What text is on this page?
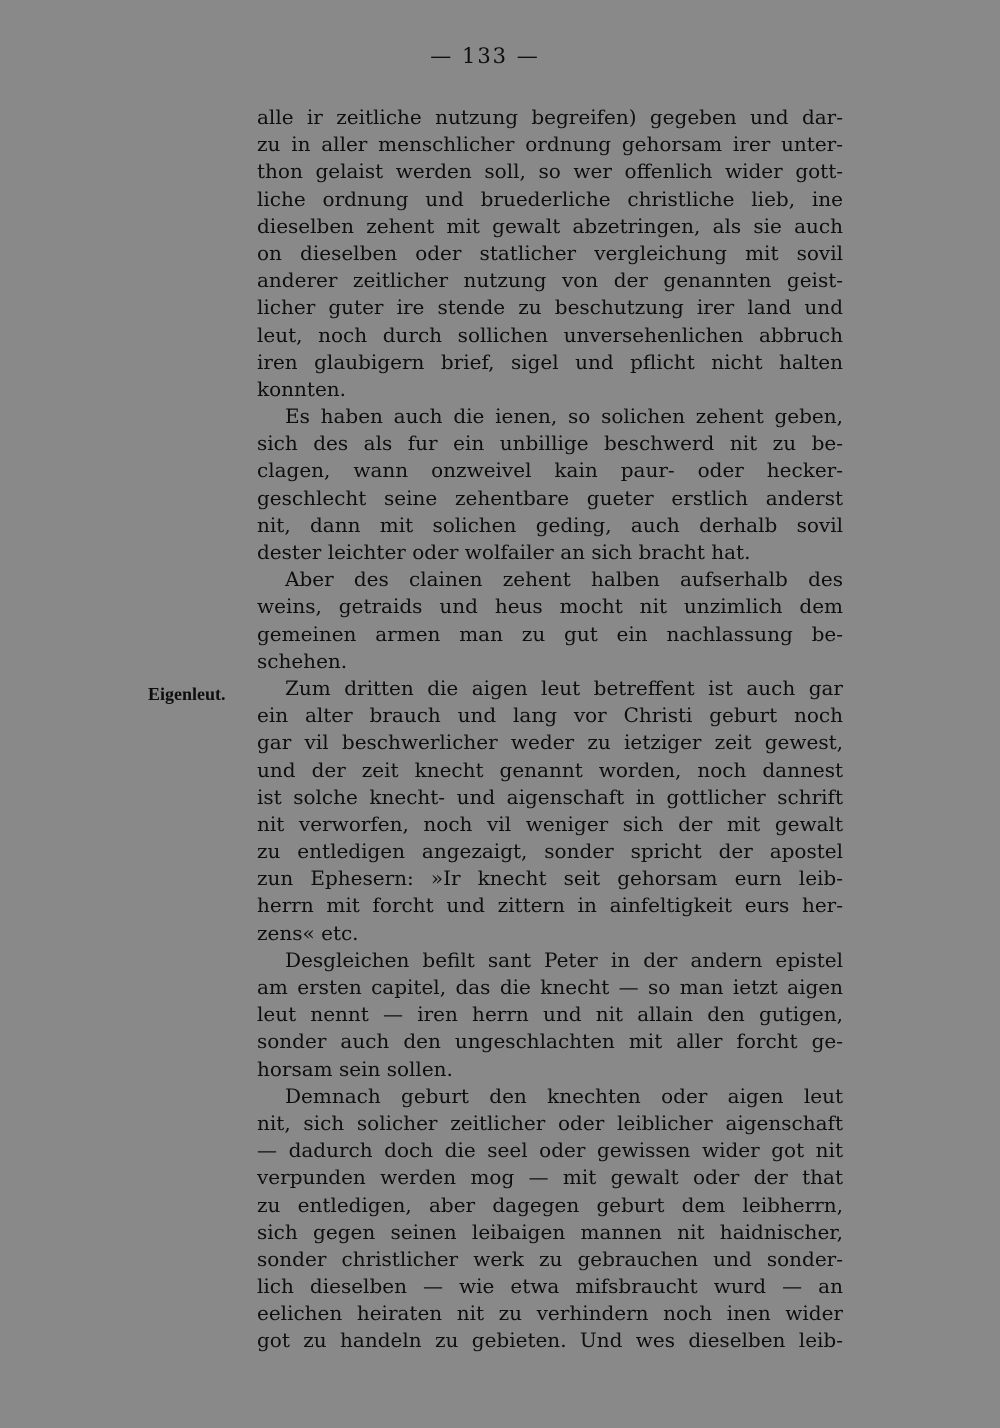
— 133 —
Eigenleut.
alle ir zeitliche nutzung begreifen) gegeben und dar-
zu in aller menschlicher ordnung gehorsam irer unter-
thon gelaist werden soll, so wer offenlich wider gott-
liche ordnung und bruederliche christliche lieb, ine
dieselben zehent mit gewalt abzetringen, als sie auch
on dieselben oder statlicher vergleichung mit sovil
anderer zeitlicher nutzung von der genannten geist-
licher guter ire stende zu beschutzung irer land und
leut, noch durch sollichen unversehenlichen abbruch
iren glaubigern brief, sigel und pflicht nicht halten
konnten.
Es haben auch die ienen, so solichen zehent geben,
sich des als fur ein unbillige beschwerd nit zu be-
clagen, wann onzweivel kain paur- oder hecker-
geschlecht seine zehentbare gueter erstlich anderst
nit, dann mit solichen geding, auch derhalb sovil
dester leichter oder wolfailer an sich bracht hat.
Aber des clainen zehent halben aufserhalb des
weins, getraids und heus mocht nit unzimlich dem
gemeinen armen man zu gut ein nachlassung be-
schehen.
Zum dritten die aigen leut betreffent ist auch gar
ein alter brauch und lang vor Christi geburt noch
gar vil beschwerlicher weder zu ietziger zeit gewest,
und der zeit knecht genannt worden, noch dannest
ist solche knecht- und aigenschaft in gottlicher schrift
nit verworfen, noch vil weniger sich der mit gewalt
zu entledigen angezaigt, sonder spricht der apostel
zun Ephesern: »Ir knecht seit gehorsam eurn leib-
herrn mit forcht und zittern in ainfeltigkeit eurs her-
zens« etc.
Desgleichen befilt sant Peter in der andern epistel
am ersten capitel, das die knecht — so man ietzt aigen
leut nennt — iren herrn und nit allain den gutigen,
sonder auch den ungeschlachten mit aller forcht ge-
horsam sein sollen.
Demnach geburt den knechten oder aigen leut
nit, sich solicher zeitlicher oder leiblicher aigenschaft
— dadurch doch die seel oder gewissen wider got nit
verpunden werden mog — mit gewalt oder der that
zu entledigen, aber dagegen geburt dem leibherrn,
sich gegen seinen leibaigen mannen nit haidnischer,
sonder christlicher werk zu gebrauchen und sonder-
lich dieselben — wie etwa mifsbraucht wurd — an
eelichen heiraten nit zu verhindern noch inen wider
got zu handeln zu gebieten. Und wes dieselben leib-
